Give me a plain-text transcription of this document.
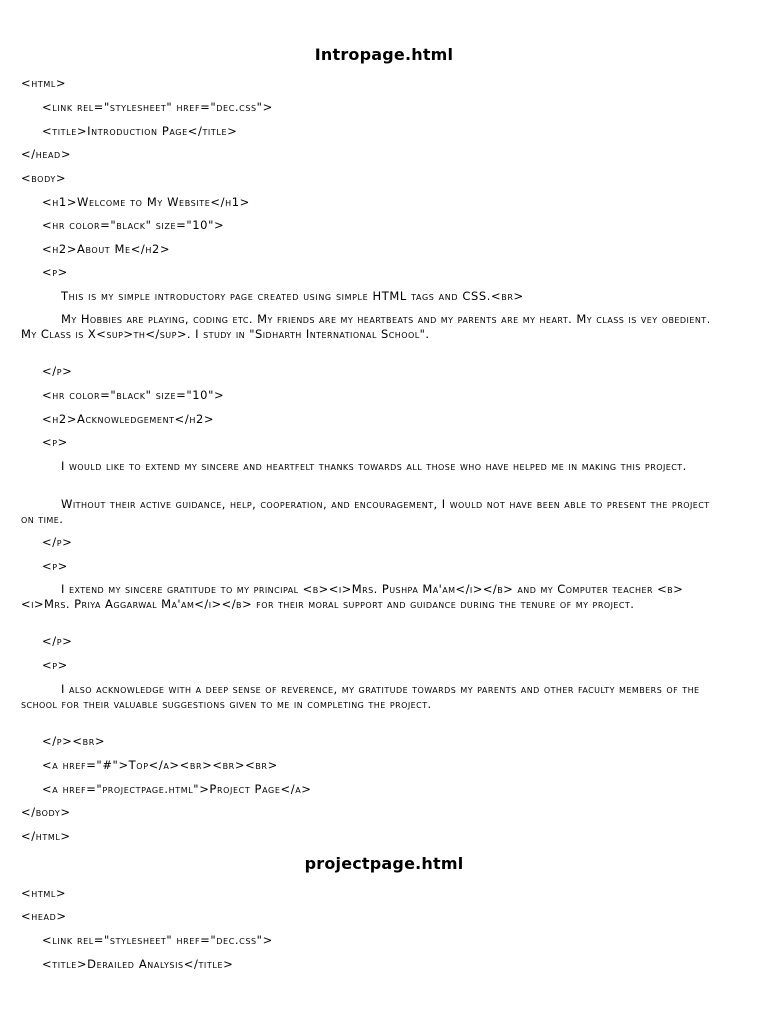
Intropage.html

<html>

<link rel="stylesheet" href="dec.css">

<title>Introduction Page</title>

</head>

<body>

<h1>Welcome to My Website</h1>

<hr color="black" size="10">

<h2>About Me</h2>

<p>

This is my simple introductory page created using simple HTML tags and CSS.<br>

My Hobbies are playing, coding etc. My friends are my heartbeats and my parents are my heart. My class is vey obedient. My Class is X<sup>th</sup>. I study in "Sidharth International School".

</p>

<hr color="black" size="10">

<h2>Acknowledgement</h2>

<p>

I would like to extend my sincere and heartfelt thanks towards all those who have helped me in making this project.

Without their active guidance, help, cooperation, and encouragement, I would not have been able to present the project on time.

</p>

<p>

I extend my sincere gratitude to my principal <b><i>Mrs. Pushpa Ma'am</i></b> and my Computer teacher <b><i>Mrs. Priya Aggarwal Ma'am</i></b> for their moral support and guidance during the tenure of my project.

</p>

<p>

I also acknowledge with a deep sense of reverence, my gratitude towards my parents and other faculty members of the school for their valuable suggestions given to me in completing the project.

</p><br>

<a href="#">Top</a><br><br><br>

<a href="projectpage.html">Project Page</a>

</body>

</html>

projectpage.html

<html>

<head>

<link rel="stylesheet" href="dec.css">

<title>Derailed Analysis</title>
